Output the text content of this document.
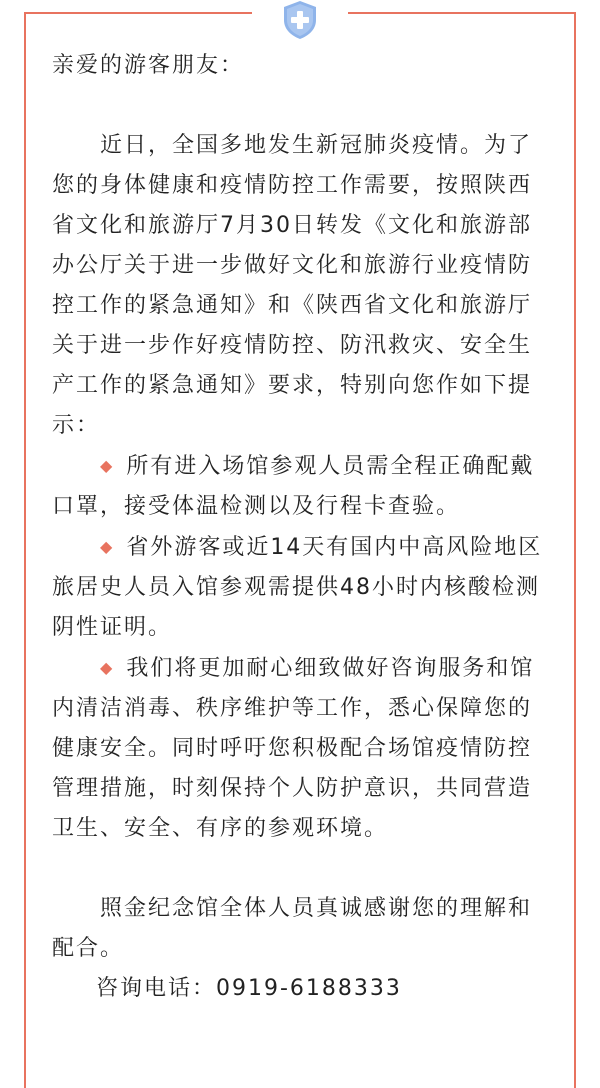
亲爱的游客朋友：

近日，全国多地发生新冠肺炎疫情。为了您的身体健康和疫情防控工作需要，按照陕西省文化和旅游厅7月30日转发《文化和旅游部办公厅关于进一步做好文化和旅游行业疫情防控工作的紧急通知》和《陕西省文化和旅游厅关于进一步作好疫情防控、防汛救灾、安全生产工作的紧急通知》要求，特别向您作如下提示：

◆ 所有进入场馆参观人员需全程正确配戴口罩，接受体温检测以及行程卡查验。

◆ 省外游客或近14天有国内中高风险地区旅居史人员入馆参观需提供48小时内核酸检测阴性证明。

◆ 我们将更加耐心细致做好咨询服务和馆内清洁消毒、秩序维护等工作，悉心保障您的健康安全。同时呼吁您积极配合场馆疫情防控管理措施，时刻保持个人防护意识，共同营造卫生、安全、有序的参观环境。

照金纪念馆全体人员真诚感谢您的理解和配合。

咨询电话：0919-6188333
